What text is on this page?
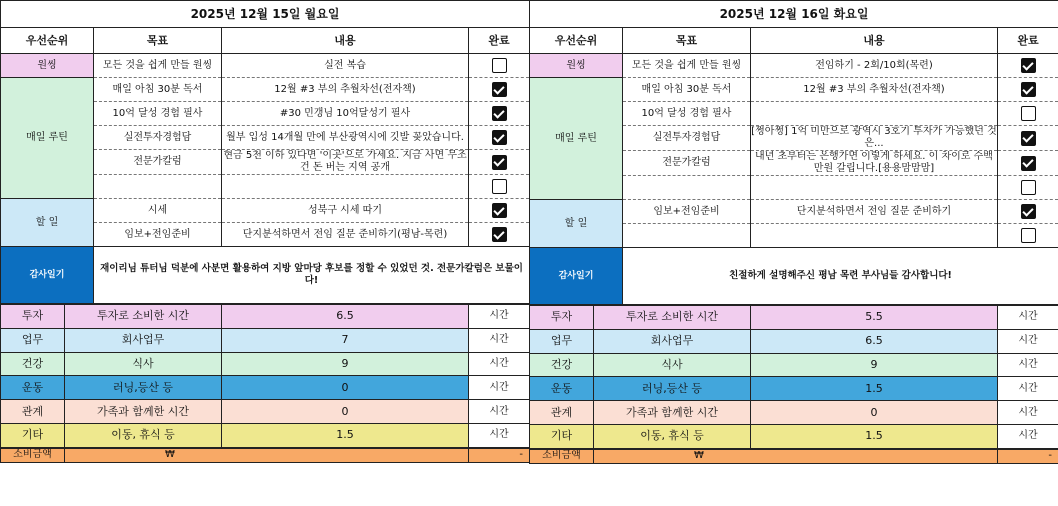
2025년 12월 15일 월요일			
우선순위	목표	내용	완료
원씽	모든 것을 쉽게 만들 원씽	실전 복습	
매일 루틴	매일 아침 30분 독서	12월 #3 부의 추월차선(전자책)	
	10억 달성 경험 필사	#30 민갱님 10억달성기 필사	
	실전투자경험담	월부 입성 14개월 만에 부산광역시에 깃발 꽂았습니다.	
	전문가칼럼	현금 5천 이하 있다면 '이곳'으로 가세요. 지금 사면 무조건 돈 버는 지역 공개	

할 일	시세	성북구 시세 따기	
	임보+전임준비	단지분석하면서 전임 질문 준비하기(평남-목련)	
감사일기	재이리님 튜터님 덕분에 사분면 활용하여 지방 앞마당 후보를 정할 수 있었던 것. 전문가칼럼은 보물이다!		
투자	투자로 소비한 시간	6.5	시간
업무	회사업무	7	시간
건강	식사	9	시간
운동	러닝,등산 등	0	시간
관계	가족과 함께한 시간	0	시간
기타	이동, 휴식 등	1.5	시간
소비금액	₩	-
2025년 12월 16일 화요일			
우선순위	목표	내용	완료
원씽	모든 것을 쉽게 만들 원씽	전임하기 - 2회/10회(목련)	
매일 루틴	매일 아침 30분 독서	12월 #3 부의 추월차선(전자책)	
	10억 달성 경험 필사		
	실전투자경험담	[쩡아쩡] 1억 미만으로 광역시 3호기 투자가 가능했던 것은...	
	전문가칼럼	내년 초부터는 은행가면 이렇게 하세요. 이 차이로 수백만원 갈립니다.[용용맘맘맘]	

할 일	임보+전임준비	단지분석하면서 전임 질문 준비하기	

감사일기	친절하게 설명해주신 평남 목련 부사님들 감사합니다!		
투자	투자로 소비한 시간	5.5	시간
업무	회사업무	6.5	시간
건강	식사	9	시간
운동	러닝,등산 등	1.5	시간
관계	가족과 함께한 시간	0	시간
기타	이동, 휴식 등	1.5	시간
소비금액	₩	-
